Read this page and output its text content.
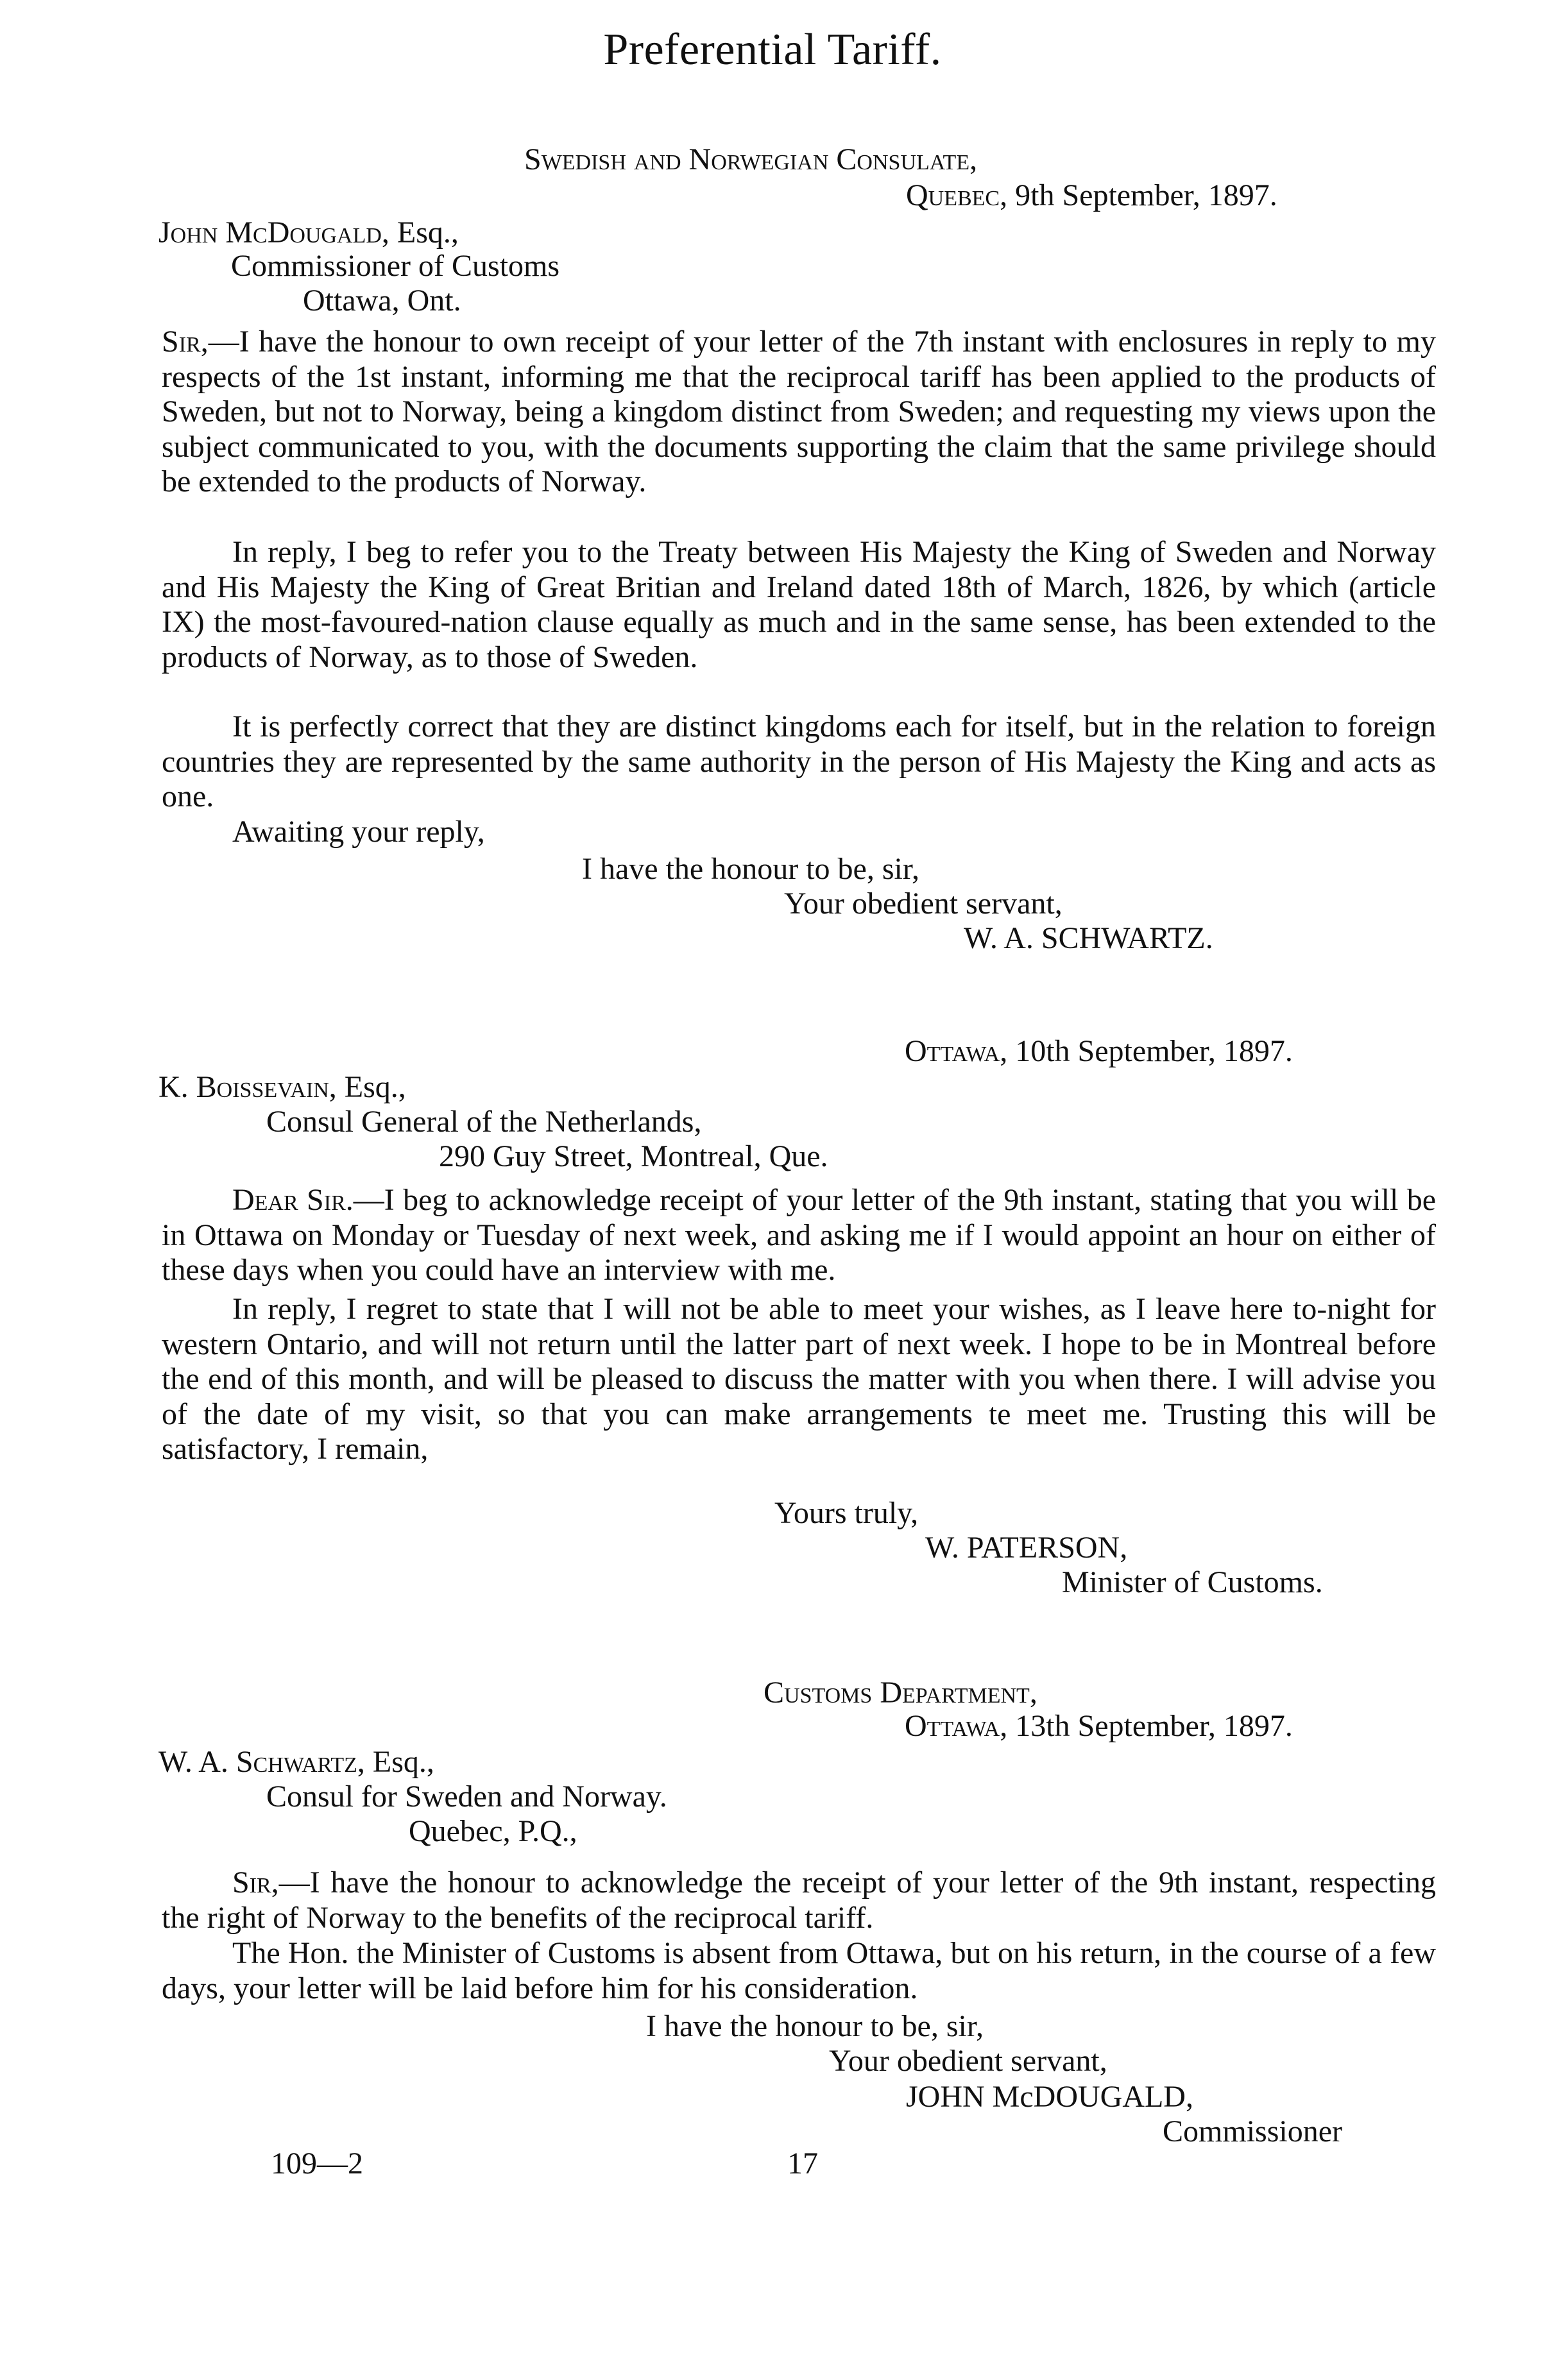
Preferential Tariff.
Swedish and Norwegian Consulate,
Quebec, 9th September, 1897.
John McDougald, Esq.,
Commissioner of Customs
Ottawa, Ont.
Sir,—I have the honour to own receipt of your letter of the 7th instant with enclosures in reply to my respects of the 1st instant, informing me that the reciprocal tariff has been applied to the products of Sweden, but not to Norway, being a kingdom distinct from Sweden; and requesting my views upon the subject communicated to you, with the documents supporting the claim that the same privilege should be extended to the products of Norway.
In reply, I beg to refer you to the Treaty between His Majesty the King of Sweden and Norway and His Majesty the King of Great Britian and Ireland dated 18th of March, 1826, by which (article IX) the most-favoured-nation clause equally as much and in the same sense, has been extended to the products of Norway, as to those of Sweden.
It is perfectly correct that they are distinct kingdoms each for itself, but in the relation to foreign countries they are represented by the same authority in the person of His Majesty the King and acts as one.
Awaiting your reply,
I have the honour to be, sir,
Your obedient servant,
W. A. SCHWARTZ.
Ottawa, 10th September, 1897.
K. Boissevain, Esq.,
Consul General of the Netherlands,
290 Guy Street, Montreal, Que.
Dear Sir.—I beg to acknowledge receipt of your letter of the 9th instant, stating that you will be in Ottawa on Monday or Tuesday of next week, and asking me if I would appoint an hour on either of these days when you could have an interview with me.
In reply, I regret to state that I will not be able to meet your wishes, as I leave here to-night for western Ontario, and will not return until the latter part of next week. I hope to be in Montreal before the end of this month, and will be pleased to discuss the matter with you when there. I will advise you of the date of my visit, so that you can make arrangements te meet me. Trusting this will be satisfactory, I remain,
Yours truly,
W. PATERSON,
Minister of Customs.
Customs Department,
Ottawa, 13th September, 1897.
W. A. Schwartz, Esq.,
Consul for Sweden and Norway.
Quebec, P.Q.,
Sir,—I have the honour to acknowledge the receipt of your letter of the 9th instant, respecting the right of Norway to the benefits of the reciprocal tariff.
The Hon. the Minister of Customs is absent from Ottawa, but on his return, in the course of a few days, your letter will be laid before him for his consideration.
I have the honour to be, sir,
Your obedient servant,
JOHN McDOUGALD,
Commissioner
109—2	17
